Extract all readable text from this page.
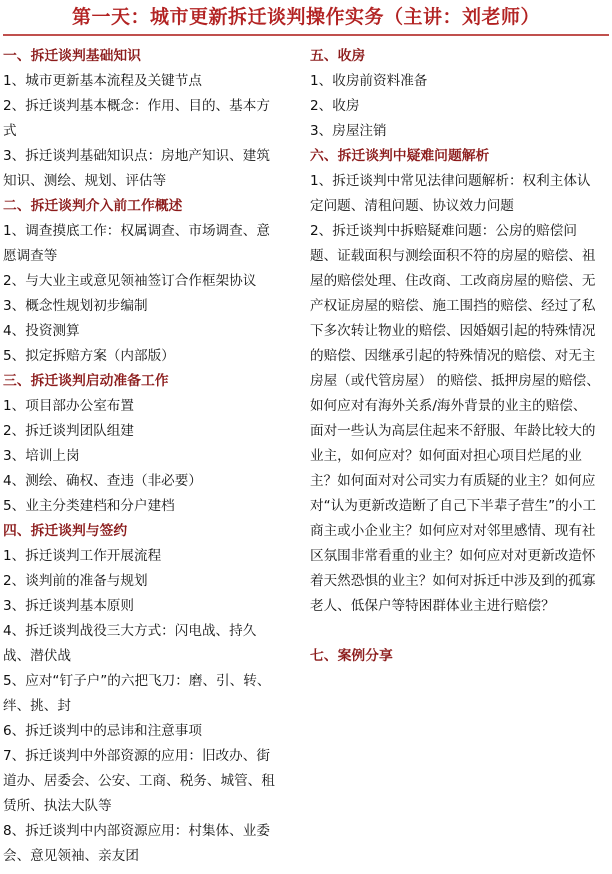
第一天：城市更新拆迁谈判操作实务（主讲：刘老师）
一、拆迁谈判基础知识
1、城市更新基本流程及关键节点
2、拆迁谈判基本概念：作用、目的、基本方式
3、拆迁谈判基础知识点：房地产知识、建筑知识、测绘、规划、评估等
二、拆迁谈判介入前工作概述
1、调查摸底工作：权属调查、市场调查、意愿调查等
2、与大业主或意见领袖签订合作框架协议
3、概念性规划初步编制
4、投资测算
5、拟定拆赔方案（内部版）
三、拆迁谈判启动准备工作
1、项目部办公室布置
2、拆迁谈判团队组建
3、培训上岗
4、测绘、确权、查违（非必要）
5、业主分类建档和分户建档
四、拆迁谈判与签约
1、拆迁谈判工作开展流程
2、谈判前的准备与规划
3、拆迁谈判基本原则
4、拆迁谈判战役三大方式：闪电战、持久战、潜伏战
5、应对“钉子户”的六把飞刀：磨、引、转、绊、挑、封
6、拆迁谈判中的忌讳和注意事项
7、拆迁谈判中外部资源的应用：旧改办、街道办、居委会、公安、工商、税务、城管、租赁所、执法大队等
8、拆迁谈判中内部资源应用：村集体、业委会、意见领袖、亲友团
五、收房
1、收房前资料准备
2、收房
3、房屋注销
六、拆迁谈判中疑难问题解析
1、拆迁谈判中常见法律问题解析：权利主体认定问题、清租问题、协议效力问题
2、拆迁谈判中拆赔疑难问题：公房的赔偿问题、证载面积与测绘面积不符的房屋的赔偿、祖屋的赔偿处理、住改商、工改商房屋的赔偿、无产权证房屋的赔偿、施工围挡的赔偿、经过了私下多次转让物业的赔偿、因婚姻引起的特殊情况的赔偿、因继承引起的特殊情况的赔偿、对无主房屋（或代管房屋） 的赔偿、抵押房屋的赔偿、如何应对有海外关系/海外背景的业主的赔偿、面对一些认为高层住起来不舒服、年龄比较大的业主，如何应对？如何面对担心项目烂尾的业主？如何面对对公司实力有质疑的业主？如何应对“认为更新改造断了自己下半辈子营生”的小工商主或小企业主？如何应对对邻里感情、现有社区氛围非常看重的业主？如何应对对更新改造怀着天然恐惧的业主？如何对拆迁中涉及到的孤寡老人、低保户等特困群体业主进行赔偿？
七、案例分享
